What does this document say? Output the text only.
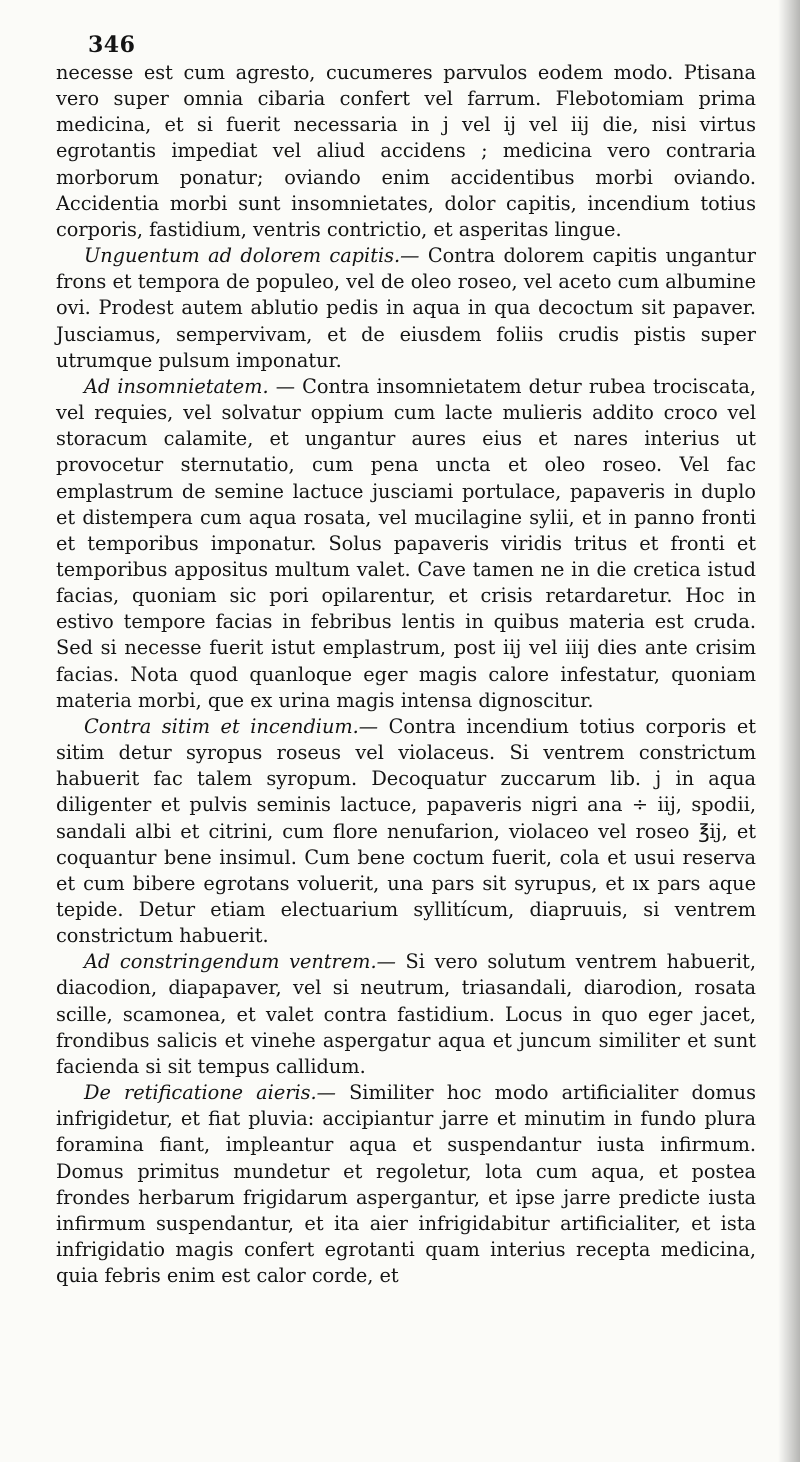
346

necesse est cum agresto, cucumeres parvulos eodem modo. Ptisana vero super omnia cibaria confert vel farrum. Flebotomiam prima medicina, et si fuerit necessaria in j vel ij vel iij die, nisi virtus egrotantis impediat vel aliud accidens ; medicina vero contraria morborum ponatur; oviando enim accidentibus morbi oviando. Accidentia morbi sunt insomnietates, dolor capitis, incendium totius corporis, fastidium, ventris contrictio, et asperitas lingue.

Unguentum ad dolorem capitis.— Contra dolorem capitis ungantur frons et tempora de populeo, vel de oleo roseo, vel aceto cum albumine ovi. Prodest autem ablutio pedis in aqua in qua decoctum sit papaver. Jusciamus, sempervivam, et de eiusdem foliis crudis pistis super utrumque pulsum imponatur.

Ad insomnietatem. — Contra insomnietatem detur rubea trociscata, vel requies, vel solvatur oppium cum lacte mulieris addito croco vel storacum calamite, et ungantur aures eius et nares interius ut provocetur sternutatio, cum pena uncta et oleo roseo. Vel fac emplastrum de semine lactuce jusciami portulace, papaveris in duplo et distempera cum aqua rosata, vel mucilagine sylii, et in panno fronti et temporibus imponatur. Solus papaveris viridis tritus et fronti et temporibus appositus multum valet. Cave tamen ne in die cretica istud facias, quoniam sic pori opilarentur, et crisis retardaretur. Hoc in estivo tempore facias in febribus lentis in quibus materia est cruda. Sed si necesse fuerit istut emplastrum, post iij vel iiij dies ante crisim facias. Nota quod quanloque eger magis calore infestatur, quoniam materia morbi, que ex urina magis intensa dignoscitur.

Contra sitim et incendium.— Contra incendium totius corporis et sitim detur syropus roseus vel violaceus. Si ventrem constrictum habuerit fac talem syropum. Decoquatur zuccarum lib. j in aqua diligenter et pulvis seminis lactuce, papaveris nigri ana ÷ iij, spodii, sandali albi et citrini, cum flore nenufarion, violaceo vel roseo ℥ij, et coquantur bene insimul. Cum bene coctum fuerit, cola et usui reserva et cum bibere egrotans voluerit, una pars sit syrupus, et ıx pars aque tepide. Detur etiam electuarium syllitícum, diapruuis, si ventrem constrictum habuerit.

Ad constringendum ventrem.— Si vero solutum ventrem habuerit, diacodion, diapapaver, vel si neutrum, triasandali, diarodion, rosata scille, scamonea, et valet contra fastidium. Locus in quo eger jacet, frondibus salicis et vinehe aspergatur aqua et juncum similiter et sunt facienda si sit tempus callidum.

De retificatione aieris.— Similiter hoc modo artificialiter domus infrigidetur, et fiat pluvia: accipiantur jarre et minutim in fundo plura foramina fiant, impleantur aqua et suspendantur iusta infirmum. Domus primitus mundetur et regoletur, lota cum aqua, et postea frondes herbarum frigidarum aspergantur, et ipse jarre predicte iusta infirmum suspendantur, et ita aier infrigidabitur artificialiter, et ista infrigidatio magis confert egrotanti quam interius recepta medicina, quia febris enim est calor corde, et
